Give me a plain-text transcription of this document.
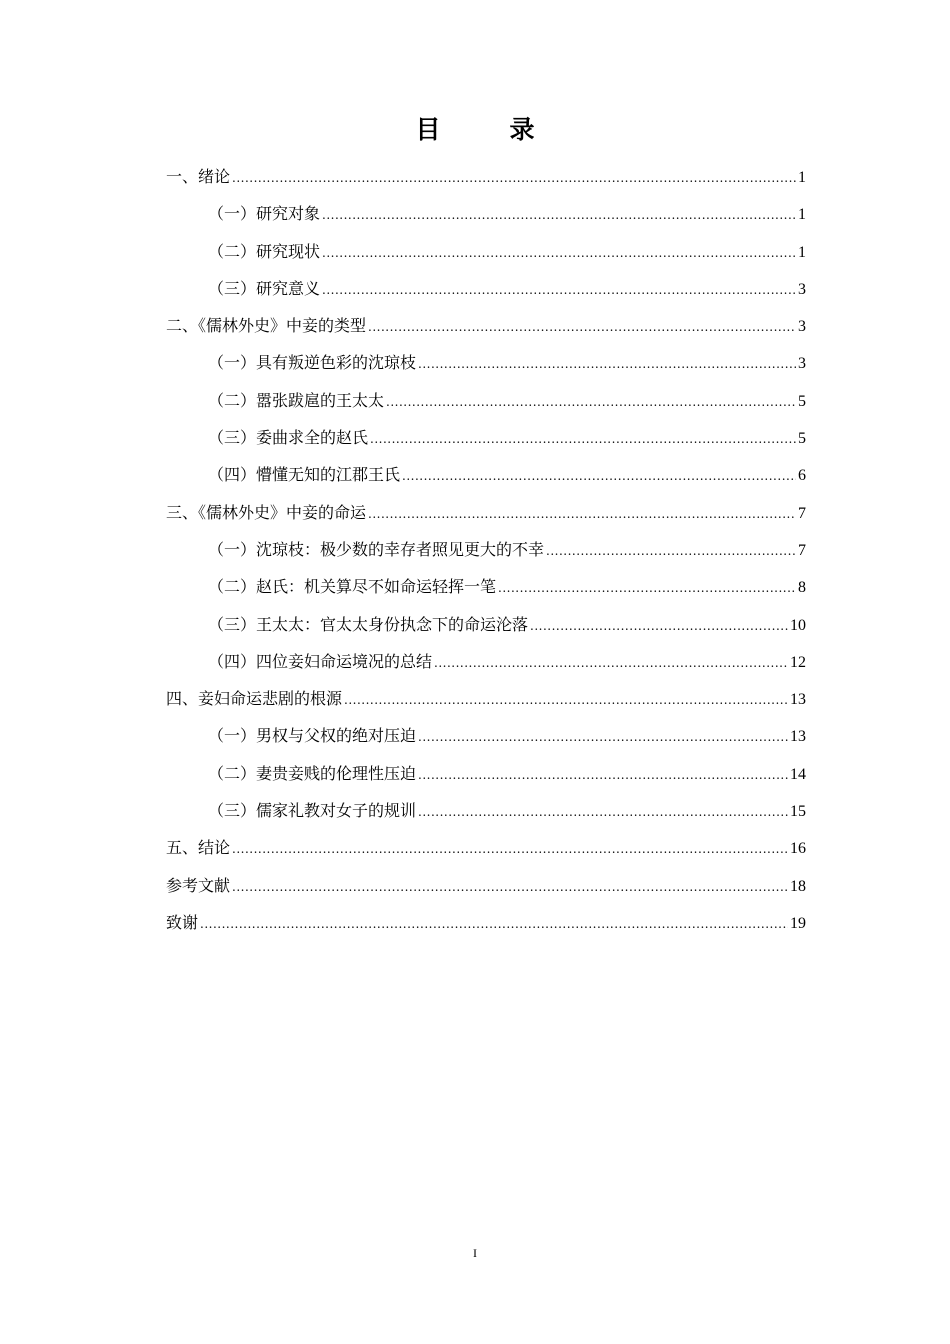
目　录
一、绪论 .....	1
（一）研究对象 .....	1
（二）研究现状 .....	1
（三）研究意义 .....	3
二、《儒林外史》中妾的类型 .....	3
（一）具有叛逆色彩的沈琼枝 .....	3
（二）嚣张跋扈的王太太 .....	5
（三）委曲求全的赵氏 .....	5
（四）懵懂无知的江郡王氏 .....	6
三、《儒林外史》中妾的命运 .....	7
（一）沈琼枝：极少数的幸存者照见更大的不幸 .....	7
（二）赵氏：机关算尽不如命运轻挥一笔 .....	8
（三）王太太：官太太身份执念下的命运沦落 .....	10
（四）四位妾妇命运境况的总结 .....	12
四、妾妇命运悲剧的根源 .....	13
（一）男权与父权的绝对压迫 .....	13
（二）妻贵妾贱的伦理性压迫 .....	14
（三）儒家礼教对女子的规训 .....	15
五、结论 .....	16
参考文献 .....	18
致谢 .....	19
I
